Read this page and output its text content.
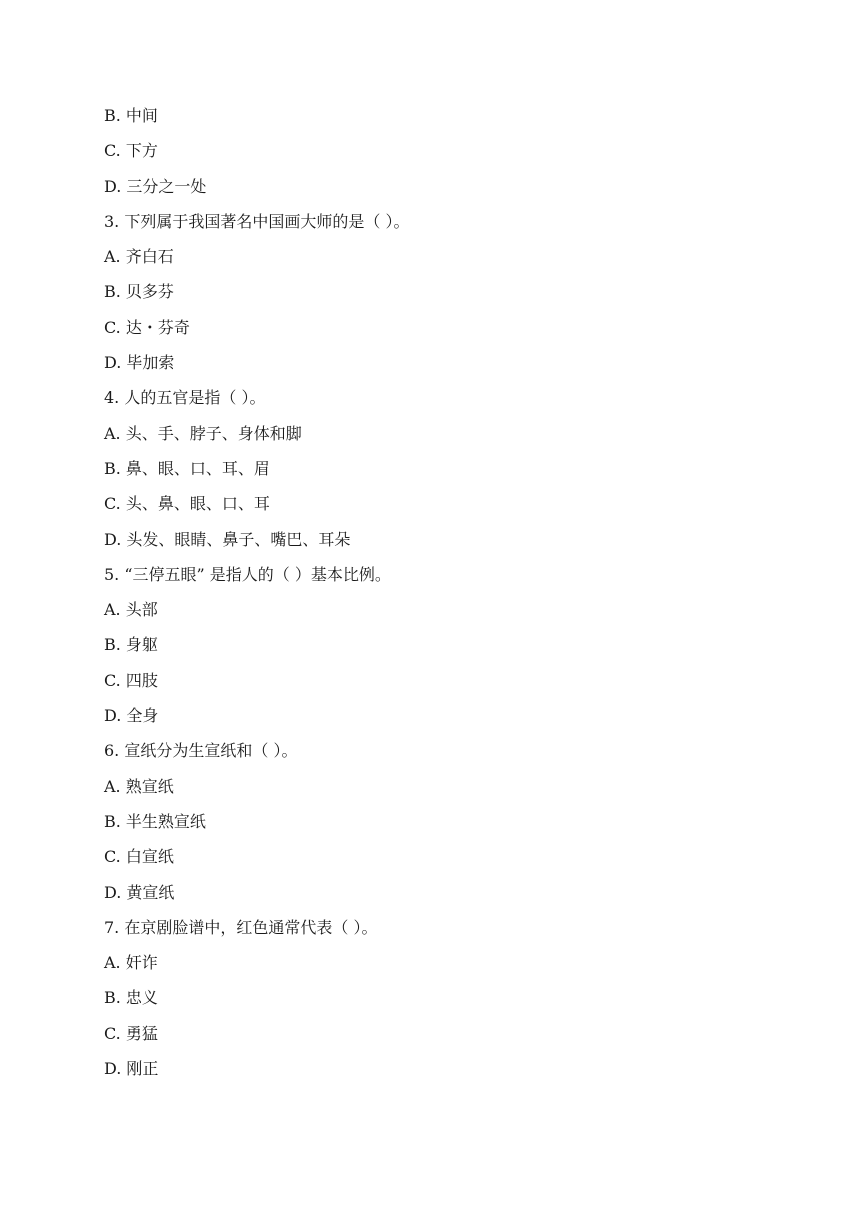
B. 中间
C. 下方
D. 三分之一处
3. 下列属于我国著名中国画大师的是（ ）。
A. 齐白石
B. 贝多芬
C. 达・芬奇
D. 毕加索
4. 人的五官是指（ ）。
A. 头、手、脖子、身体和脚
B. 鼻、眼、口、耳、眉
C. 头、鼻、眼、口、耳
D. 头发、眼睛、鼻子、嘴巴、耳朵
5. “三停五眼” 是指人的（ ）基本比例。
A. 头部
B. 身躯
C. 四肢
D. 全身
6. 宣纸分为生宣纸和（ ）。
A. 熟宣纸
B. 半生熟宣纸
C. 白宣纸
D. 黄宣纸
7. 在京剧脸谱中，红色通常代表（ ）。
A. 奸诈
B. 忠义
C. 勇猛
D. 刚正
